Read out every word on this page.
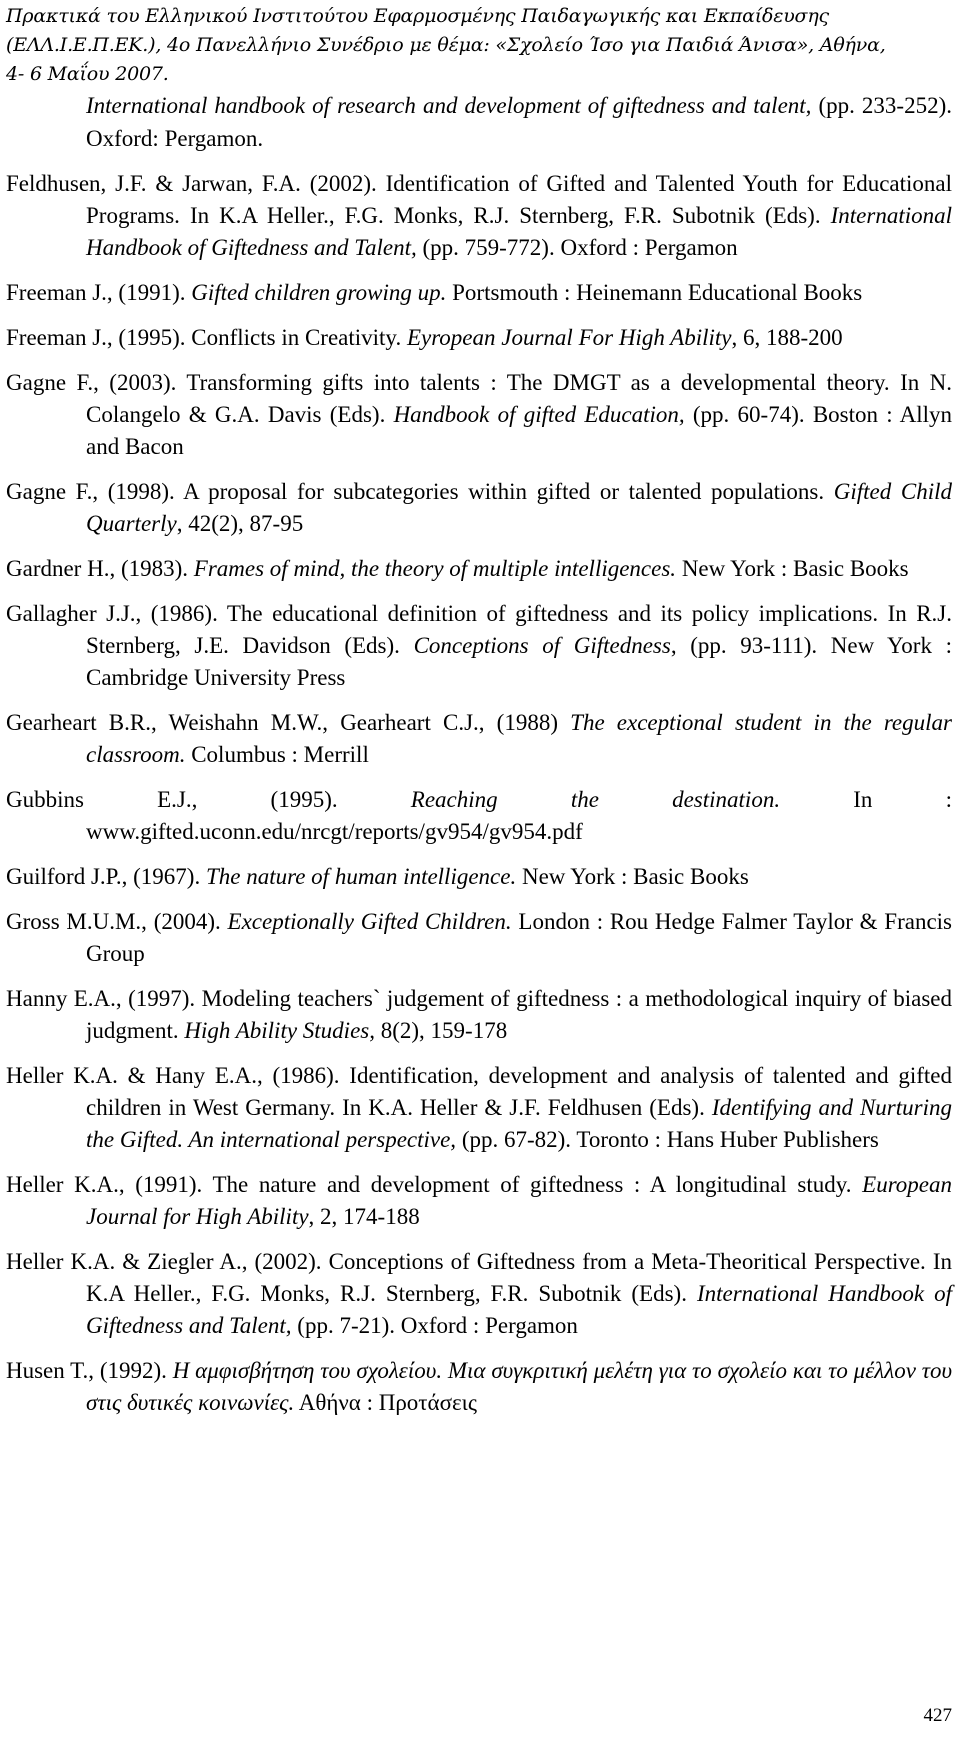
Πρακτικά του Ελληνικού Ινστιτούτου Εφαρμοσμένης Παιδαγωγικής και Εκπαίδευσης
(ΕΛΛ.Ι.Ε.Π.ΕΚ.), 4ο Πανελλήνιο Συνέδριο με θέμα: «Σχολείο Ίσο για Παιδιά Άνισα», Αθήνα,
4- 6 Μαΐου 2007.
International handbook of research and development of giftedness and talent, (pp. 233-252). Oxford: Pergamon.
Feldhusen, J.F. & Jarwan, F.A. (2002). Identification of Gifted and Talented Youth for Educational Programs. In K.A Heller., F.G. Monks, R.J. Sternberg, F.R. Subotnik (Eds). International Handbook of Giftedness and Talent, (pp. 759-772). Oxford : Pergamon
Freeman J., (1991). Gifted children growing up. Portsmouth : Heinemann Educational Books
Freeman J., (1995). Conflicts in Creativity. Eyropean Journal For High Ability, 6, 188-200
Gagne F., (2003). Transforming gifts into talents : The DMGT as a developmental theory. In N. Colangelo & G.A. Davis (Eds). Handbook of gifted Education, (pp. 60-74). Boston : Allyn and Bacon
Gagne F., (1998). A proposal for subcategories within gifted or talented populations. Gifted Child Quarterly, 42(2), 87-95
Gardner H., (1983). Frames of mind, the theory of multiple intelligences. New York : Basic Books
Gallagher J.J., (1986). The educational definition of giftedness and its policy implications. In R.J. Sternberg, J.E. Davidson (Eds). Conceptions of Giftedness, (pp. 93-111). New York : Cambridge University Press
Gearheart B.R., Weishahn M.W., Gearheart C.J., (1988) The exceptional student in the regular classroom. Columbus : Merrill
Gubbins E.J., (1995). Reaching the destination. In : www.gifted.uconn.edu/nrcgt/reports/gv954/gv954.pdf
Guilford J.P., (1967). The nature of human intelligence. New York : Basic Books
Gross M.U.M., (2004). Exceptionally Gifted Children. London : Rou Hedge Falmer Taylor & Francis Group
Hanny E.A., (1997). Modeling teachers` judgement of giftedness : a methodological inquiry of biased judgment. High Ability Studies, 8(2), 159-178
Heller K.A. & Hany E.A., (1986). Identification, development and analysis of talented and gifted children in West Germany. In K.A. Heller & J.F. Feldhusen (Eds). Identifying and Nurturing the Gifted. An international perspective, (pp. 67-82). Toronto : Hans Huber Publishers
Heller K.A., (1991). The nature and development of giftedness : A longitudinal study. European Journal for High Ability, 2, 174-188
Heller K.A. & Ziegler A., (2002). Conceptions of Giftedness from a Meta-Theoritical Perspective. In K.A Heller., F.G. Monks, R.J. Sternberg, F.R. Subotnik (Eds). International Handbook of Giftedness and Talent, (pp. 7-21). Oxford : Pergamon
Husen T., (1992). Η αμφισβήτηση του σχολείου. Μια συγκριτική μελέτη για το σχολείο και το μέλλον του στις δυτικές κοινωνίες. Αθήνα : Προτάσεις
427
